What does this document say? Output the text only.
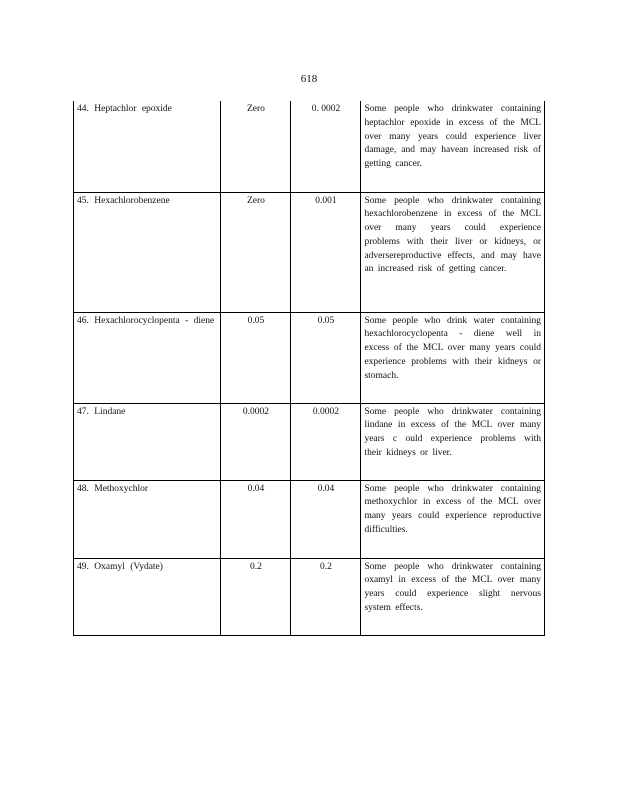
618
44. Heptachlor epoxide	Zero	0. 0002	Some people who drinkwater containing heptachlor epoxide in excess of the MCL over many years could experience liver damage, and may havean increased risk of getting cancer.
45. Hexachlorobenzene	Zero	0.001	Some people who drinkwater containing hexachlorobenzene in excess of the MCL over many years could experience problems with their liver or kidneys, or adversereproductive effects, and may have an increased risk of getting cancer.
46. Hexachlorocyclopenta - diene	0.05	0.05	Some people who drink water containing hexachlorocyclopenta - diene well in excess of the MCL over many years could experience problems with their kidneys or stomach.
47. Lindane	0.0002	0.0002	Some people who drinkwater containing lindane in excess of the MCL over many years c ould experience problems with their kidneys or liver.
48. Methoxychlor	0.04	0.04	Some people who drinkwater containing methoxychlor in excess of the MCL over many years could experience reproductive difficulties.
49. Oxamyl (Vydate)	0.2	0.2	Some people who drinkwater containing oxamyl in excess of the MCL over many years could experience slight nervous system effects.
